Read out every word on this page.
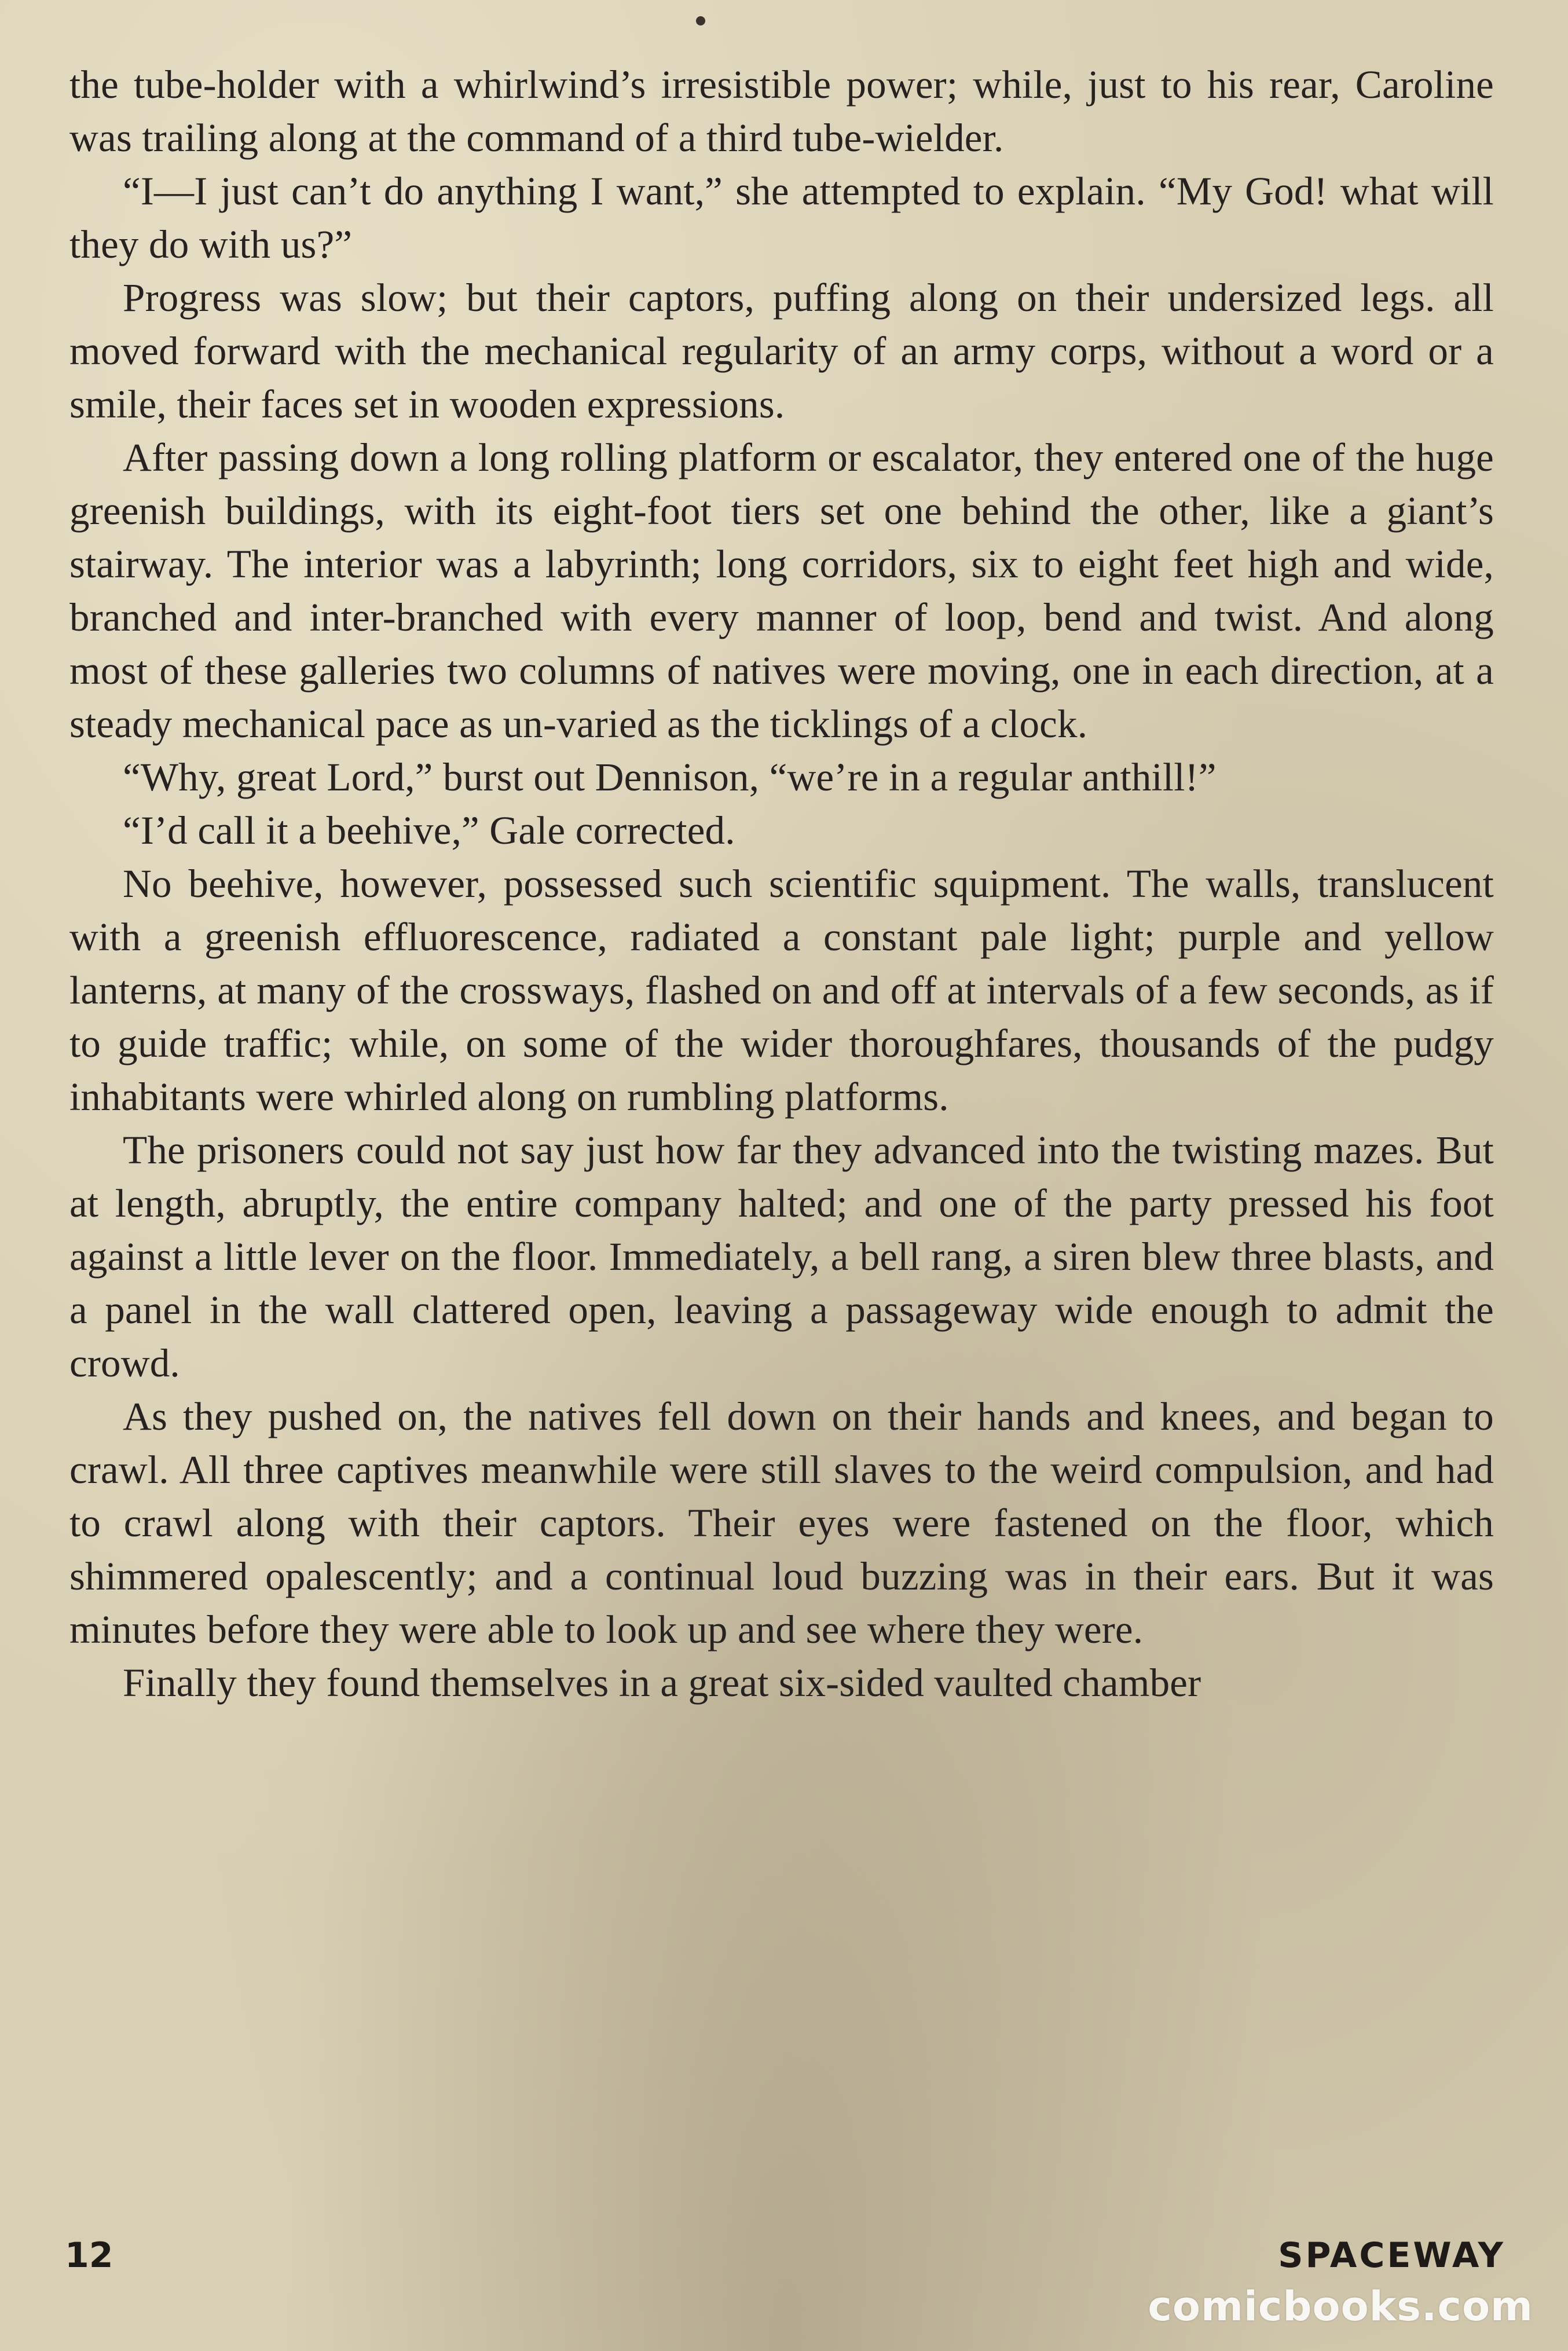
the tube-holder with a whirlwind’s irresistible power; while, just to his rear, Caroline was trailing along at the command of a third tube-wielder.

“I—I just can’t do anything I want,” she attempted to explain. “My God! what will they do with us?”

Progress was slow; but their captors, puffing along on their undersized legs. all moved forward with the mechanical regularity of an army corps, without a word or a smile, their faces set in wooden expressions.

After passing down a long rolling platform or escalator, they entered one of the huge greenish buildings, with its eight-foot tiers set one behind the other, like a giant’s stairway. The interior was a labyrinth; long corridors, six to eight feet high and wide, branched and inter-branched with every manner of loop, bend and twist. And along most of these galleries two columns of natives were moving, one in each direction, at a steady mechanical pace as un-varied as the ticklings of a clock.

“Why, great Lord,” burst out Dennison, “we’re in a regular anthill!”

“I’d call it a beehive,” Gale corrected.

No beehive, however, possessed such scientific squipment. The walls, translucent with a greenish effluorescence, radiated a constant pale light; purple and yellow lanterns, at many of the crossways, flashed on and off at intervals of a few seconds, as if to guide traffic; while, on some of the wider thoroughfares, thousands of the pudgy inhabitants were whirled along on rumbling platforms.

The prisoners could not say just how far they advanced into the twisting mazes. But at length, abruptly, the entire company halted; and one of the party pressed his foot against a little lever on the floor. Immediately, a bell rang, a siren blew three blasts, and a panel in the wall clattered open, leaving a passageway wide enough to admit the crowd.

As they pushed on, the natives fell down on their hands and knees, and began to crawl. All three captives meanwhile were still slaves to the weird compulsion, and had to crawl along with their captors. Their eyes were fastened on the floor, which shimmered opalescently; and a continual loud buzzing was in their ears. But it was minutes before they were able to look up and see where they were.

Finally they found themselves in a great six-sided vaulted chamber

12	SPACEWAY
comicbooks.com
